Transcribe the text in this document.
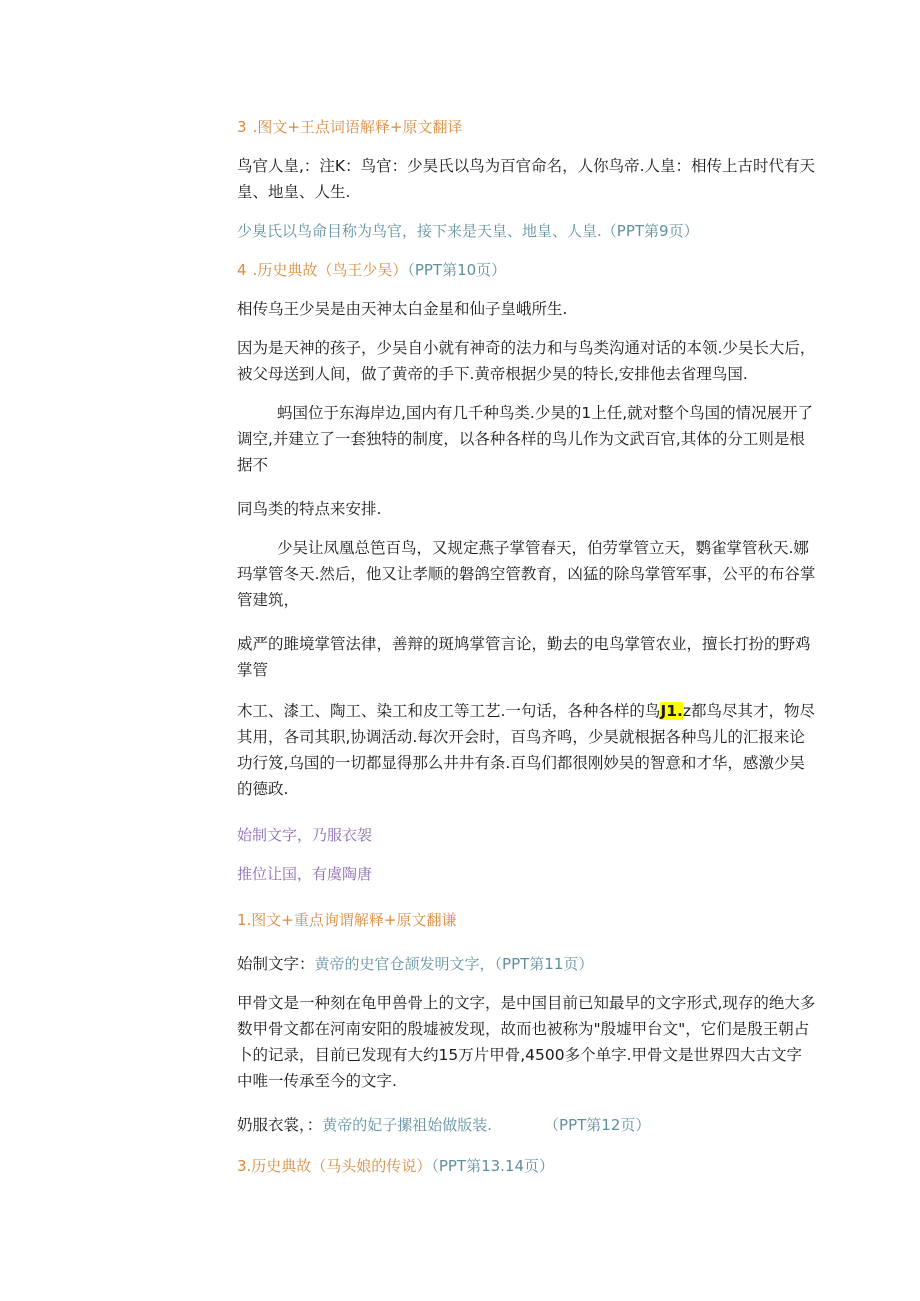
3 .图文+王点词语解释+原文翻译

鸟官人皇,：注K：鸟官：少昊氏以鸟为百官命名，人你鸟帝.人皇：相传上古时代有天皇、地皇、人生.

少臭氏以鸟命目称为鸟官，接下来是天皇、地皇、人皇.（PPT第9页）

4 .历史典故（鸟王少吴）（PPT第10页）

相传乌王少吴是由天神太白金星和仙子皇峨所生.

因为是天神的孩子，少吴自小就有神奇的法力和与鸟类沟通对话的本领.少吴长大后，被父母送到人间，做了黄帝的手下.黄帝根据少昊的特长,安排他去省理鸟国.

蚂国位于东海岸边,国内有几千种鸟类.少昊的1上任,就对整个鸟国的情况展开了调空,并建立了一套独特的制度，以各种各样的鸟儿作为文武百官,其体的分工则是根据不

同鸟类的特点来安排.

少吴让凤凰总笆百鸟，又规定燕子掌管春天，伯劳掌管立天，鹦雀掌管秋天.娜玛掌管冬天.然后，他又让孝顺的磐鸽空管教育，凶猛的除鸟掌管军事，公平的布谷掌管建筑，

威严的雎境掌管法律，善辩的斑鸠掌管言论，勤去的电鸟掌管农业，擅长打扮的野鸡掌管

木工、漆工、陶工、染工和皮工等工艺.一句话，各种各样的鸟J1.z都鸟尽其才，物尽其用，各司其职,协调活动.每次开会时，百鸟齐鸣，少昊就根据各种鸟儿的汇报来论功行笈,乌国的一切都显得那么井井有条.百鸟们都很刚妙吴的智意和才华，感激少吴的德政.

始制文字，乃服衣袈

推位让国，有虞陶唐

1.图文+重点询谓解释+原文翻谦

始制文字：黄帝的史官仓颉发明文字，（PPT第11页）

甲骨文是一种刻在龟甲兽骨上的文字，是中国目前已知最早的文字形式,现存的绝大多数甲骨文都在河南安阳的殷墟被发现，故而也被称为"殷墟甲台文"，它们是殷王朝占卜的记录，目前已发现有大约15万片甲骨,4500多个单字.甲骨文是世界四大古文字中唯一传承至今的文字.

奶服衣裳，：黄帝的妃子摞祖始做版装.	（PPT第12页）

3.历史典故（马头娘的传说）（PPT第13.14页）
